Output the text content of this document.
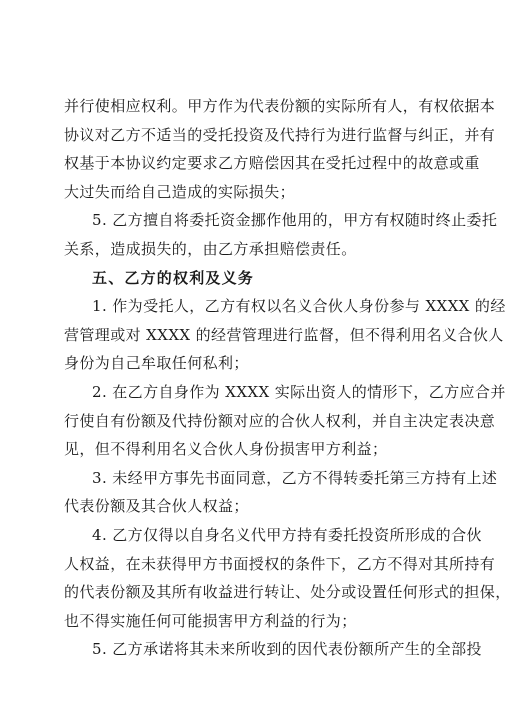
并行使相应权利。甲方作为代表份额的实际所有人，有权依据本
协议对乙方不适当的受托投资及代持行为进行监督与纠正，并有
权基于本协议约定要求乙方赔偿因其在受托过程中的故意或重
大过失而给自己造成的实际损失；
5. 乙方擅自将委托资金挪作他用的，甲方有权随时终止委托
关系，造成损失的，由乙方承担赔偿责任。
五、乙方的权利及义务
1. 作为受托人，乙方有权以名义合伙人身份参与 XXXX 的经
营管理或对 XXXX 的经营管理进行监督，但不得利用名义合伙人
身份为自己牟取任何私利；
2. 在乙方自身作为 XXXX 实际出资人的情形下，乙方应合并
行使自有份额及代持份额对应的合伙人权利，并自主决定表决意
见，但不得利用名义合伙人身份损害甲方利益；
3. 未经甲方事先书面同意，乙方不得转委托第三方持有上述
代表份额及其合伙人权益；
4. 乙方仅得以自身名义代甲方持有委托投资所形成的合伙
人权益，在未获得甲方书面授权的条件下，乙方不得对其所持有
的代表份额及其所有收益进行转让、处分或设置任何形式的担保，
也不得实施任何可能损害甲方利益的行为；
5. 乙方承诺将其未来所收到的因代表份额所产生的全部投
